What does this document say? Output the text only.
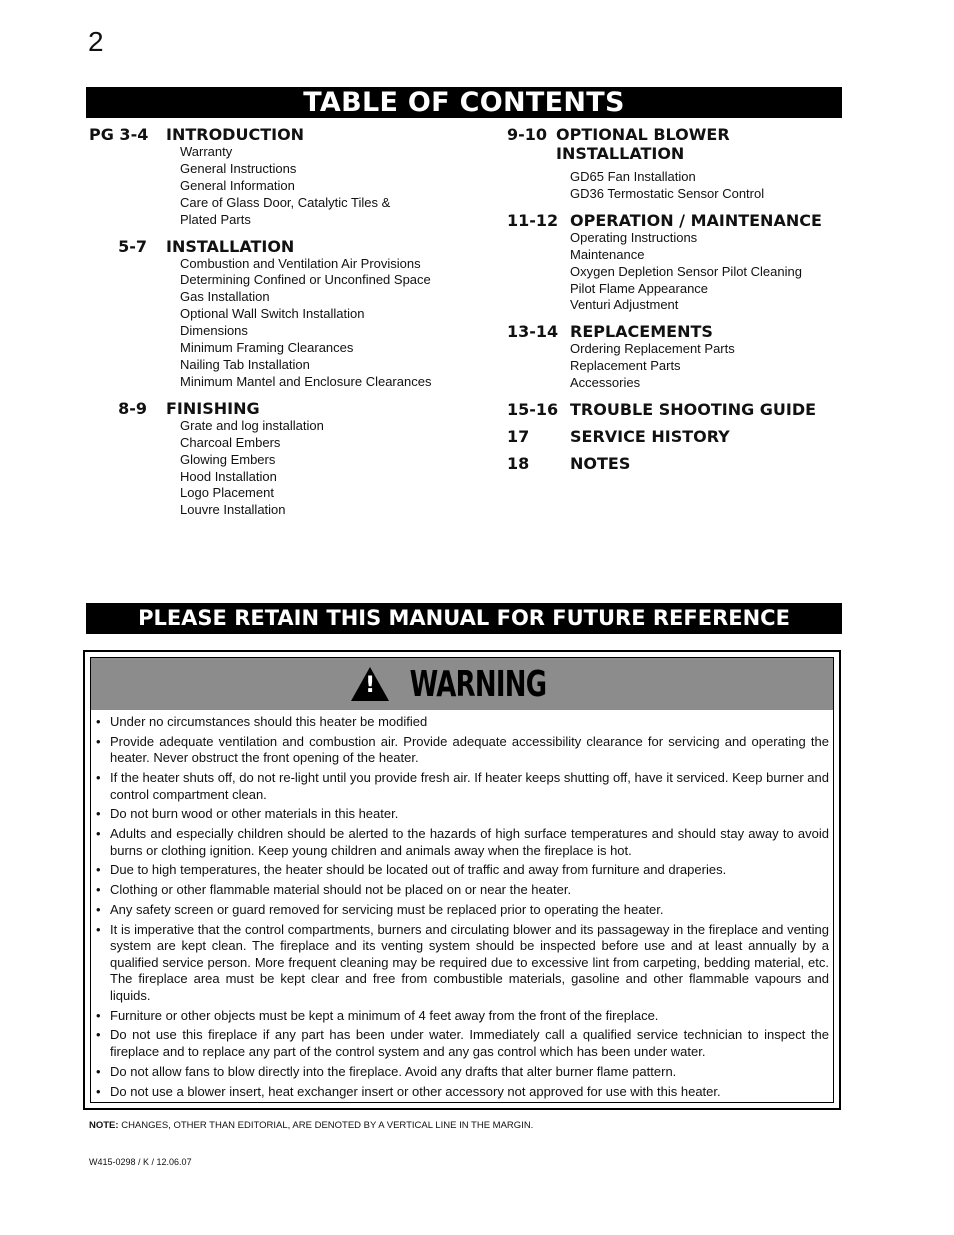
2
TABLE OF CONTENTS
PG 3-4	INTRODUCTION
Warranty
General Instructions
General Information
Care of Glass Door, Catalytic Tiles &
Plated Parts
5-7 INSTALLATION
Combustion and Ventilation Air Provisions
Determining Confined or Unconfined Space
Gas Installation
Optional Wall Switch Installation
Dimensions
Minimum Framing Clearances
Nailing Tab Installation
Minimum Mantel and Enclosure Clearances
8-9 FINISHING
Grate and log installation
Charcoal Embers
Glowing Embers
Hood Installation
Logo Placement
Louvre Installation
9-10 OPTIONAL BLOWER
INSTALLATION
GD65 Fan Installation
GD36 Termostatic Sensor Control
11-12 OPERATION / MAINTENANCE
Operating Instructions
Maintenance
Oxygen Depletion Sensor Pilot Cleaning
Pilot Flame Appearance
Venturi Adjustment
13-14 REPLACEMENTS
Ordering Replacement Parts
Replacement Parts
Accessories
15-16 TROUBLE SHOOTING GUIDE
17	SERVICE HISTORY
18	NOTES
PLEASE RETAIN THIS MANUAL FOR FUTURE REFERENCE
! WARNING
• Under no circumstances should this heater be modified
• Provide adequate ventilation and combustion air. Provide adequate accessibility clearance for servicing and operating the heater. Never obstruct the front opening of the heater.
• If the heater shuts off, do not re-light until you provide fresh air. If heater keeps shutting off, have it serviced. Keep burner and control compartment clean.
• Do not burn wood or other materials in this heater.
• Adults and especially children should be alerted to the hazards of high surface temperatures and should stay away to avoid burns or clothing ignition. Keep young children and animals away when the fireplace is hot.
• Due to high temperatures, the heater should be located out of traffic and away from furniture and draperies.
• Clothing or other flammable material should not be placed on or near the heater.
• Any safety screen or guard removed for servicing must be replaced prior to operating the heater.
• It is imperative that the control compartments, burners and circulating blower and its passageway in the fireplace and venting system are kept clean. The fireplace and its venting system should be inspected before use and at least annually by a qualified service person. More frequent cleaning may be required due to excessive lint from carpeting, bedding material, etc. The fireplace area must be kept clear and free from combustible materials, gasoline and other flammable vapours and liquids.
• Furniture or other objects must be kept a minimum of 4 feet away from the front of the fireplace.
• Do not use this fireplace if any part has been under water. Immediately call a qualified service technician to inspect the fireplace and to replace any part of the control system and any gas control which has been under water.
• Do not allow fans to blow directly into the fireplace. Avoid any drafts that alter burner flame pattern.
• Do not use a blower insert, heat exchanger insert or other accessory not approved for use with this heater.
NOTE: CHANGES, OTHER THAN EDITORIAL, ARE DENOTED BY A VERTICAL LINE IN THE MARGIN.
W415-0298 / K / 12.06.07
